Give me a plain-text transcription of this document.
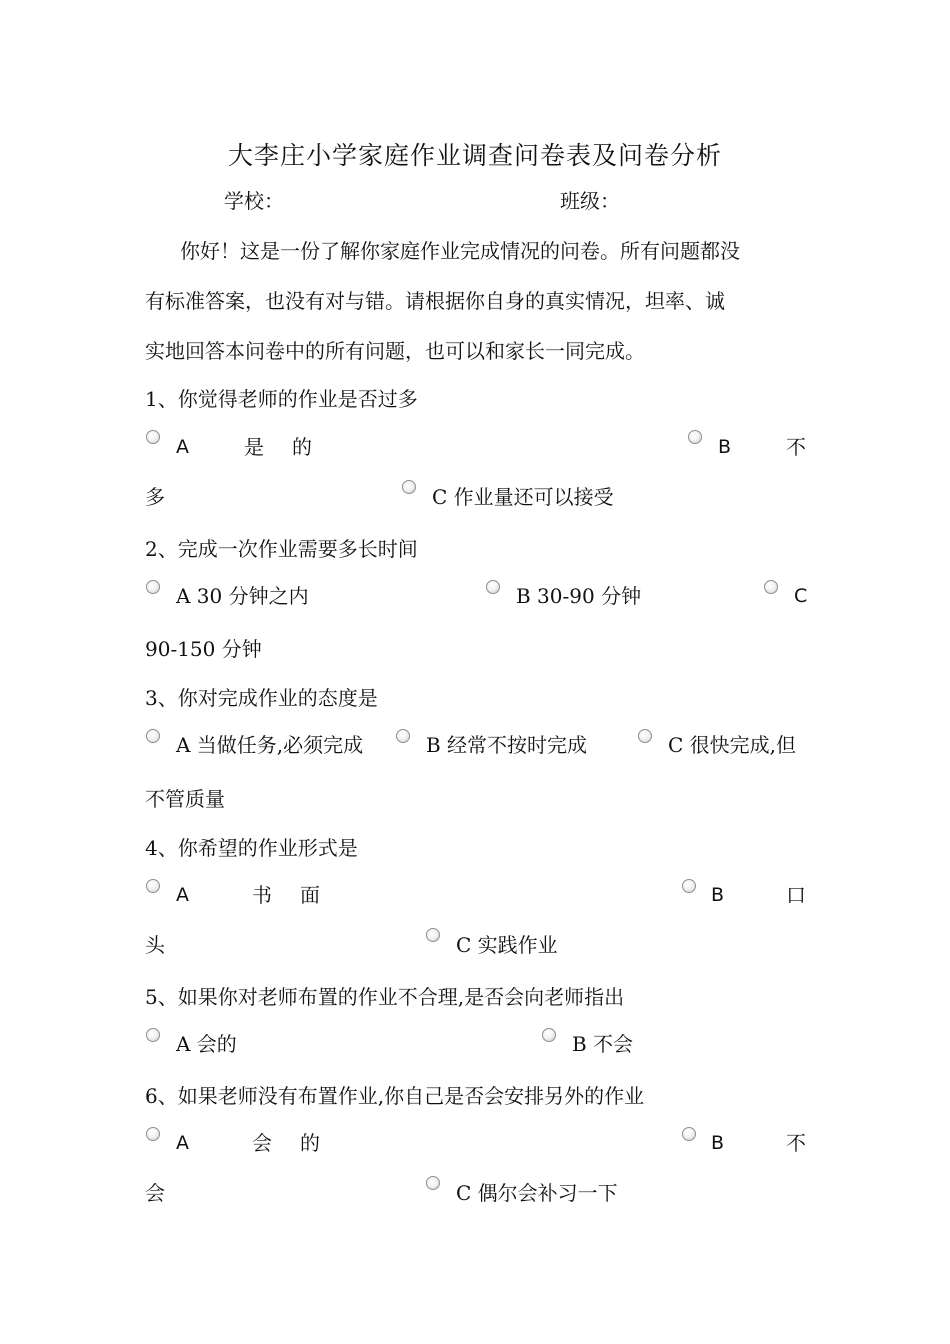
大李庄小学家庭作业调查问卷表及问卷分析
学校：	班级：
你好！这是一份了解你家庭作业完成情况的问卷。所有问题都没
有标准答案，也没有对与错。请根据你自身的真实情况，坦率、诚
实地回答本问卷中的所有问题，也可以和家长一同完成。
1、你觉得老师的作业是否过多
A	是 的	B	不
多	C 作业量还可以接受
2、完成一次作业需要多长时间
A 30 分钟之内	B 30-90 分钟	C
90-150 分钟
3、你对完成作业的态度是
A 当做任务,必须完成	B 经常不按时完成	C 很快完成,但
不管质量
4、你希望的作业形式是
A	书 面	B	口
头	C 实践作业
5、如果你对老师布置的作业不合理,是否会向老师指出
A 会的	B 不会
6、如果老师没有布置作业,你自己是否会安排另外的作业
A	会 的	B	不
会	C 偶尔会补习一下
